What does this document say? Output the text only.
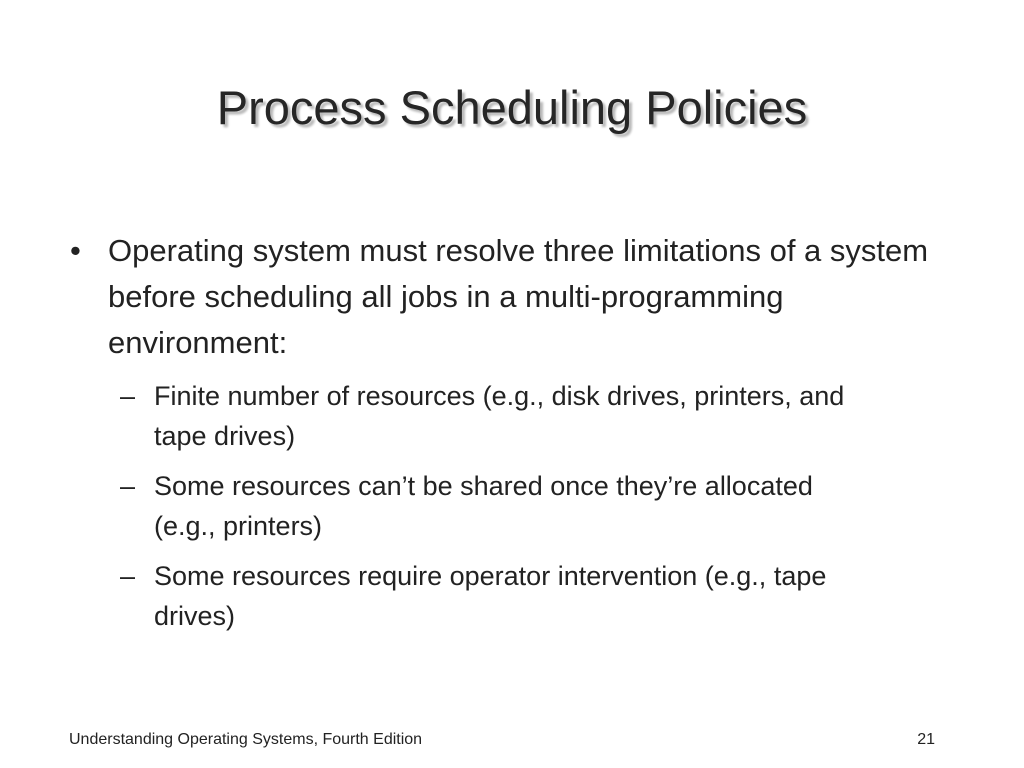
Process Scheduling Policies
• Operating system must resolve three limitations of a system before scheduling all jobs in a multi-programming environment:
– Finite number of resources (e.g., disk drives, printers, and tape drives)
– Some resources can’t be shared once they’re allocated (e.g., printers)
– Some resources require operator intervention (e.g., tape drives)
Understanding Operating Systems, Fourth Edition	21
